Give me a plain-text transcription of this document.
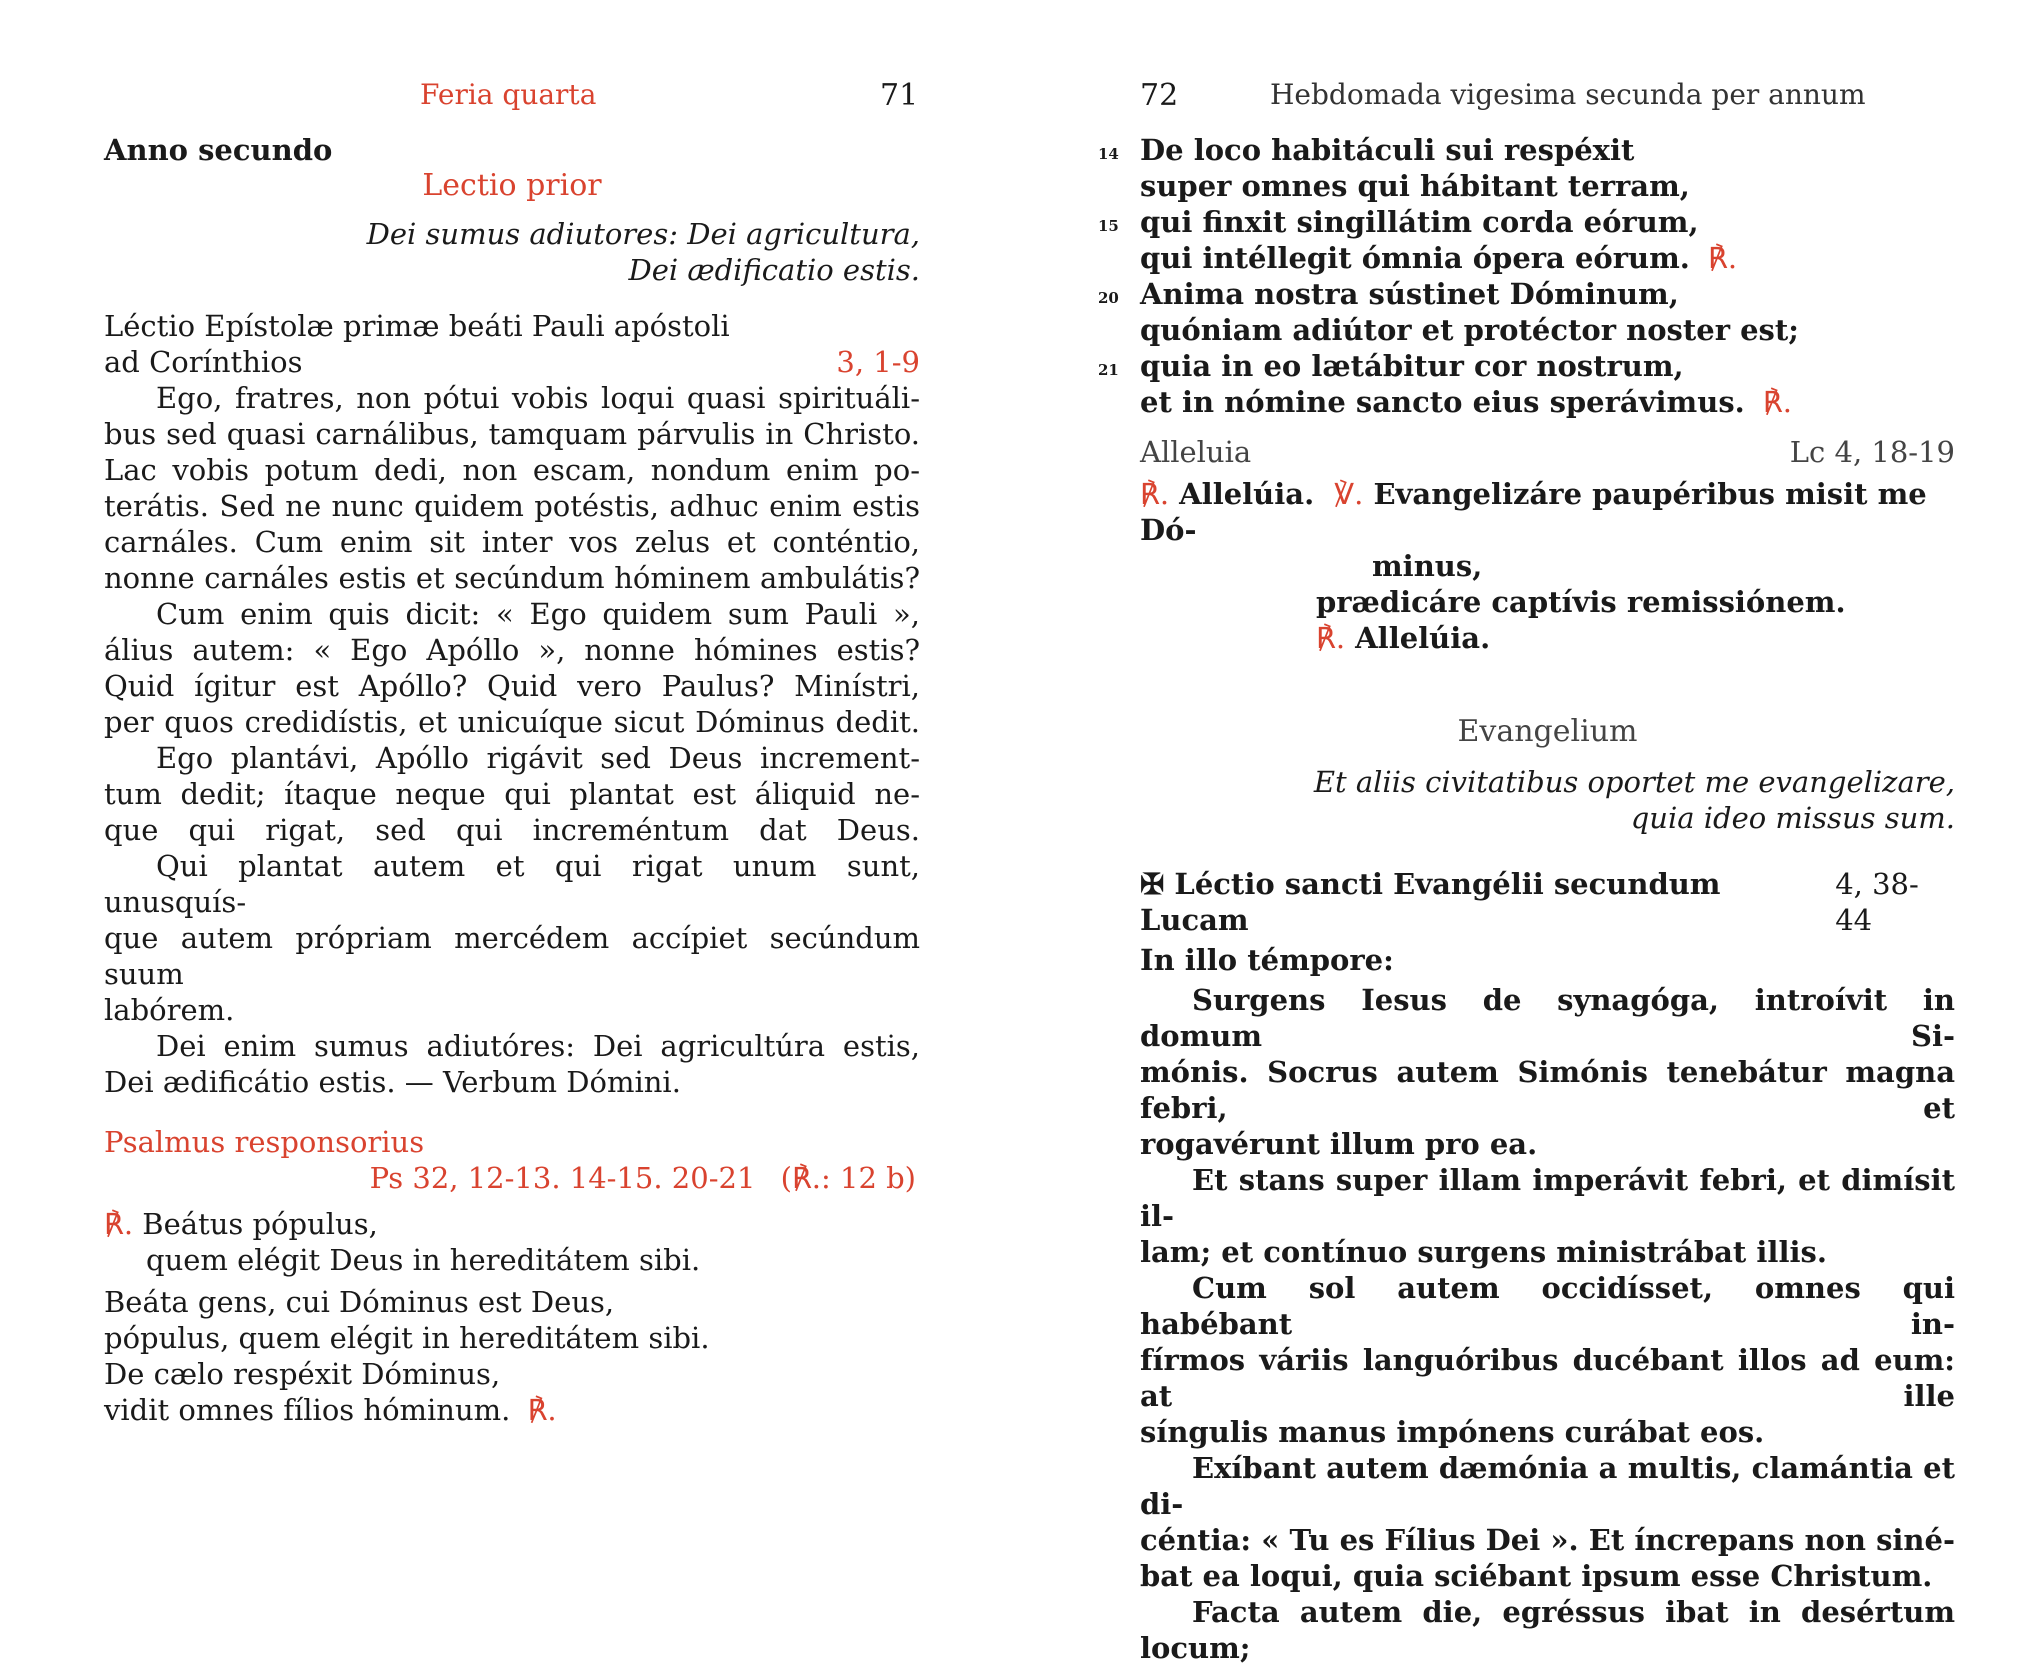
Feria quarta	71
Anno secundo
Lectio prior
Dei sumus adiutores: Dei agricultura,
Dei ædificatio estis.
Léctio Epístolæ primæ beáti Pauli apóstoli
ad Corínthios	3, 1-9
Ego, fratres, non pótui vobis loqui quasi spirituáli-
bus sed quasi carnálibus, tamquam párvulis in Christo.
Lac vobis potum dedi, non escam, nondum enim po-
terátis. Sed ne nunc quidem potéstis, adhuc enim estis
carnáles. Cum enim sit inter vos zelus et conténtio,
nonne carnáles estis et secúndum hóminem ambulátis?
Cum enim quis dicit: « Ego quidem sum Pauli »,
álius autem: « Ego Apóllo », nonne hómines estis?
Quid ígitur est Apóllo? Quid vero Paulus? Minístri,
per quos credidístis, et unicuíque sicut Dóminus dedit.
Ego plantávi, Apóllo rigávit sed Deus increment-
tum dedit; ítaque neque qui plantat est áliquid ne-
que qui rigat, sed qui increméntum dat Deus.
Qui plantat autem et qui rigat unum sunt, unusquís-
que autem própriam mercédem accípiet secúndum suum
labórem.
Dei enim sumus adiutóres: Dei agricultúra estis,
Dei ædificátio estis. — Verbum Dómini.
Psalmus responsorius
Ps 32, 12-13. 14-15. 20-21 (℟.: 12 b)
℟. Beátus pópulus,
quem elégit Deus in hereditátem sibi.
Beáta gens, cui Dóminus est Deus,
pópulus, quem elégit in hereditátem sibi.
De cælo respéxit Dóminus,
vidit omnes fílios hóminum. ℟.
72	Hebdomada vigesima secunda per annum
14 De loco habitáculi sui respéxit
super omnes qui hábitant terram,
15 qui finxit singillátim corda eórum,
qui intéllegit ómnia ópera eórum. ℟.
20 Anima nostra sústinet Dóminum,
quóniam adiútor et protéctor noster est;
21 quia in eo lætábitur cor nostrum,
et in nómine sancto eius sperávimus. ℟.
Alleluia	Lc 4, 18-19
℟. Allelúia. ℣. Evangelizáre paupéribus misit me Dó-
minus,
prædicáre captívis remissiónem.
℟. Allelúia.
Evangelium
Et aliis civitatibus oportet me evangelizare,
quia ideo missus sum.
✠ Léctio sancti Evangélii secundum Lucam
4, 38-44
In illo témpore:
Surgens Iesus de synagóga, introívit in domum Si-
mónis. Socrus autem Simónis tenebátur magna febri, et
rogavérunt illum pro ea.
Et stans super illam imperávit febri, et dimísit il-
lam; et contínuo surgens ministrábat illis.
Cum sol autem occidísset, omnes qui habébant in-
fírmos váriis languóribus ducébant illos ad eum: at ille
síngulis manus impónens curábat eos.
Exíbant autem dæmónia a multis, clamántia et di-
céntia: « Tu es Fílius Dei ». Et íncrepans non siné-
bat ea loqui, quia sciébant ipsum esse Christum.
Facta autem die, egréssus ibat in desértum locum;
